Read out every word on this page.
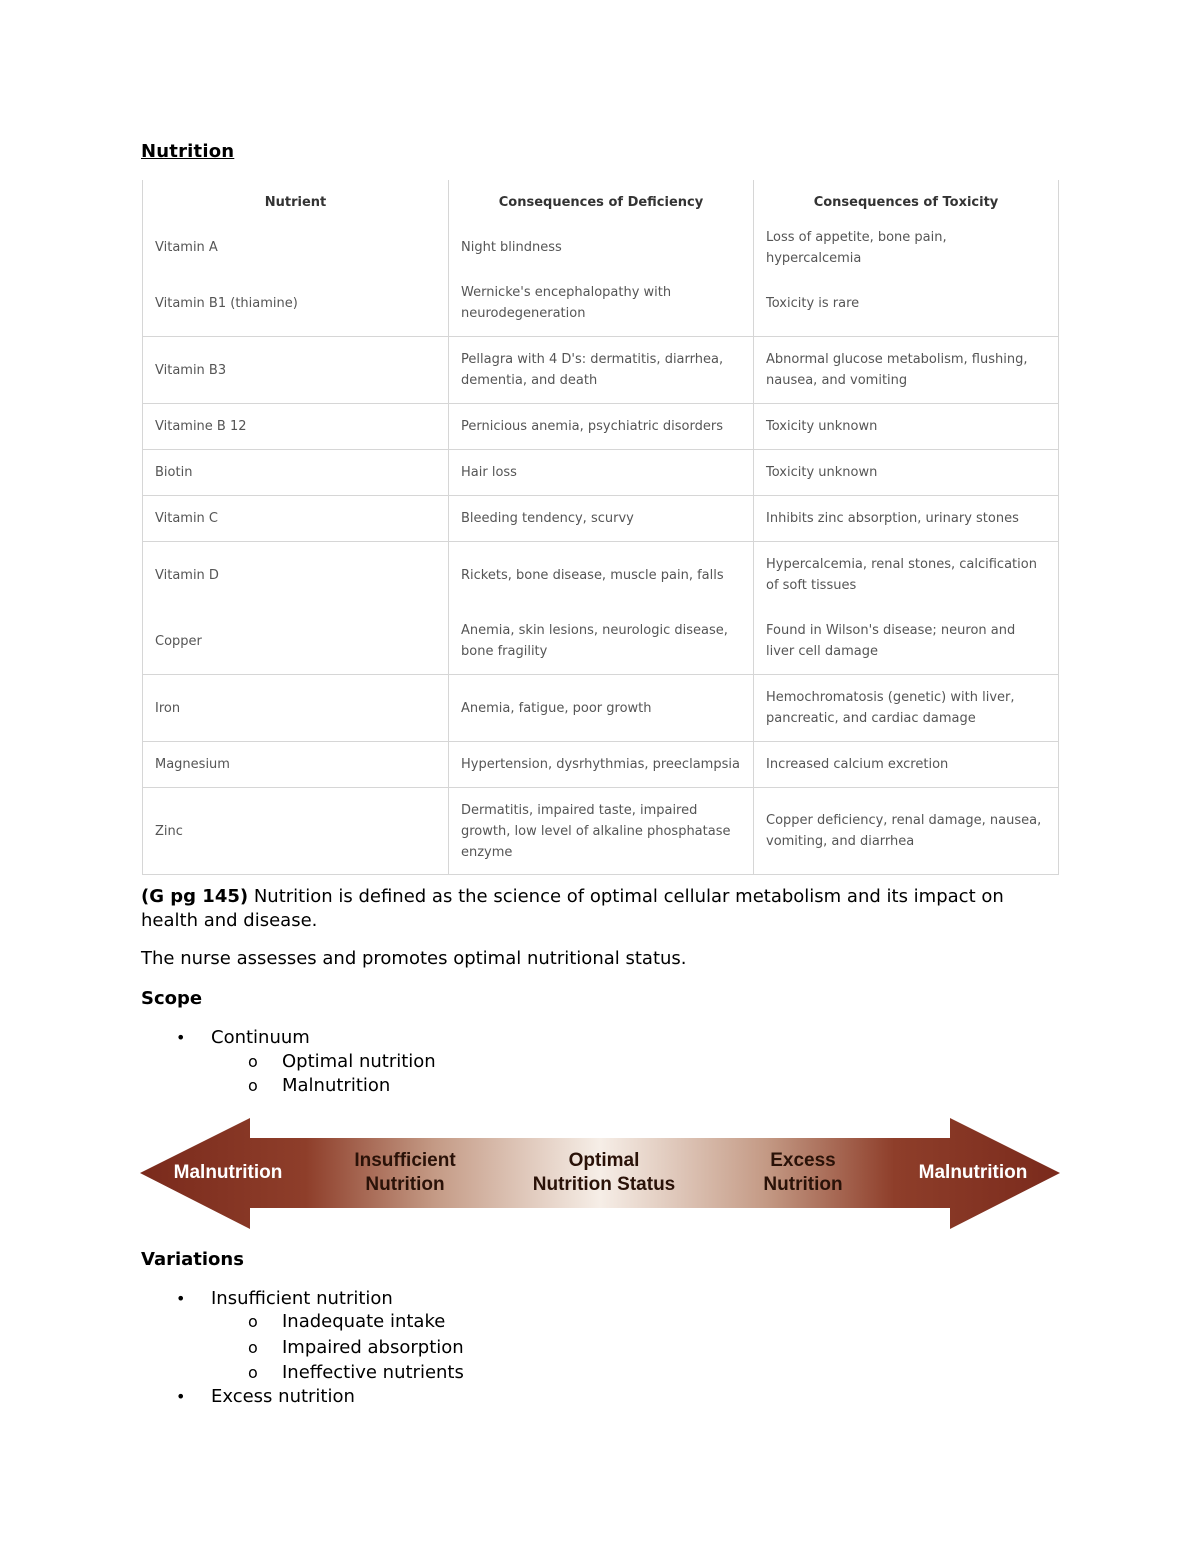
Nutrition
Nutrient	Consequences of Deficiency	Consequences of Toxicity
Vitamin A	Night blindness	Loss of appetite, bone pain, hypercalcemia
Vitamin B1 (thiamine)	Wernicke's encephalopathy with neurodegeneration	Toxicity is rare
Vitamin B3	Pellagra with 4 D's: dermatitis, diarrhea, dementia, and death	Abnormal glucose metabolism, flushing, nausea, and vomiting
Vitamine B 12	Pernicious anemia, psychiatric disorders	Toxicity unknown
Biotin	Hair loss	Toxicity unknown
Vitamin C	Bleeding tendency, scurvy	Inhibits zinc absorption, urinary stones
Vitamin D	Rickets, bone disease, muscle pain, falls	Hypercalcemia, renal stones, calcification of soft tissues
Copper	Anemia, skin lesions, neurologic disease, bone fragility	Found in Wilson's disease; neuron and liver cell damage
Iron	Anemia, fatigue, poor growth	Hemochromatosis (genetic) with liver, pancreatic, and cardiac damage
Magnesium	Hypertension, dysrhythmias, preeclampsia	Increased calcium excretion
Zinc	Dermatitis, impaired taste, impaired growth, low level of alkaline phosphatase enzyme	Copper deficiency, renal damage, nausea, vomiting, and diarrhea
(G pg 145) Nutrition is defined as the science of optimal cellular metabolism and its impact on health and disease.
The nurse assesses and promotes optimal nutritional status.
Scope
• Continuum
o Optimal nutrition
o Malnutrition
Malnutrition
Insufficient
Nutrition
Optimal
Nutrition Status
Excess
Nutrition
Malnutrition
Variations
• Insufficient nutrition
o Inadequate intake
o Impaired absorption
o Ineffective nutrients
• Excess nutrition
